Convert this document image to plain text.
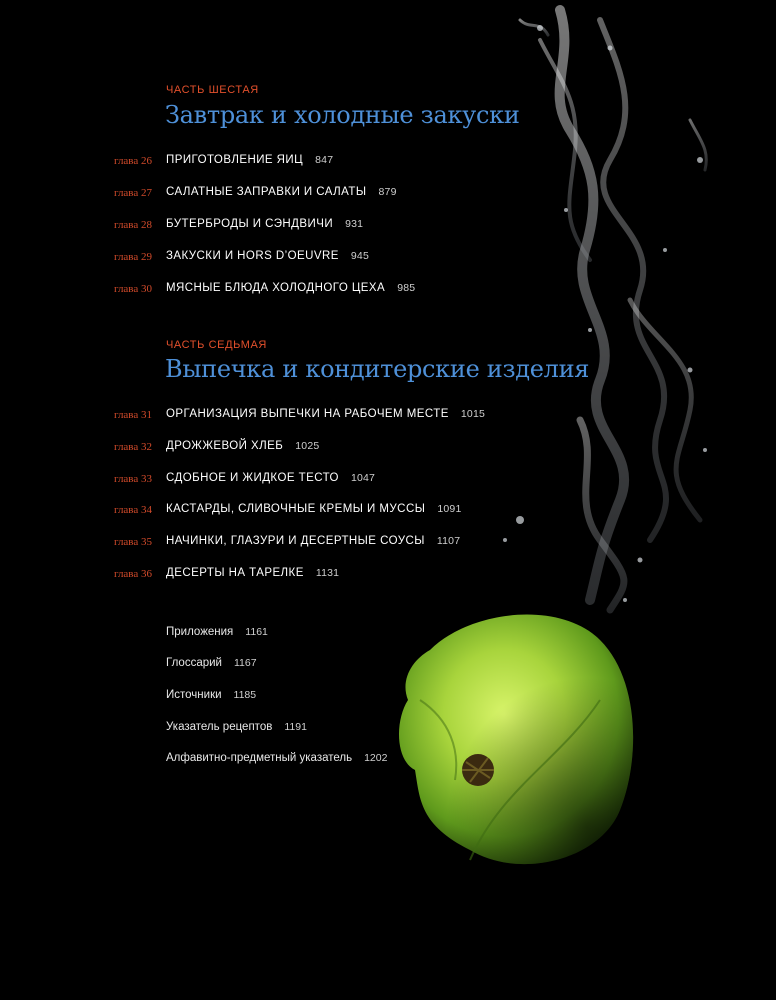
ЧАСТЬ ШЕСТАЯ
Завтрак и холодные закуски
глава 26 ПРИГОТОВЛЕНИЕ ЯИЦ 847
глава 27 САЛАТНЫЕ ЗАПРАВКИ И САЛАТЫ 879
глава 28 БУТЕРБРОДЫ И СЭНДВИЧИ 931
глава 29 ЗАКУСКИ И HORS D’OEUVRE 945
глава 30 МЯСНЫЕ БЛЮДА ХОЛОДНОГО ЦЕХА 985
ЧАСТЬ СЕДЬМАЯ
Выпечка и кондитерские изделия
глава 31 ОРГАНИЗАЦИЯ ВЫПЕЧКИ НА РАБОЧЕМ МЕСТЕ 1015
глава 32 ДРОЖЖЕВОЙ ХЛЕБ 1025
глава 33 СДОБНОЕ И ЖИДКОЕ ТЕСТО 1047
глава 34 КАСТАРДЫ, СЛИВОЧНЫЕ КРЕМЫ И МУССЫ 1091
глава 35 НАЧИНКИ, ГЛАЗУРИ И ДЕСЕРТНЫЕ СОУСЫ 1107
глава 36 ДЕСЕРТЫ НА ТАРЕЛКЕ 1131
Приложения 1161
Глоссарий 1167
Источники 1185
Указатель рецептов 1191
Алфавитно-предметный указатель 1202
